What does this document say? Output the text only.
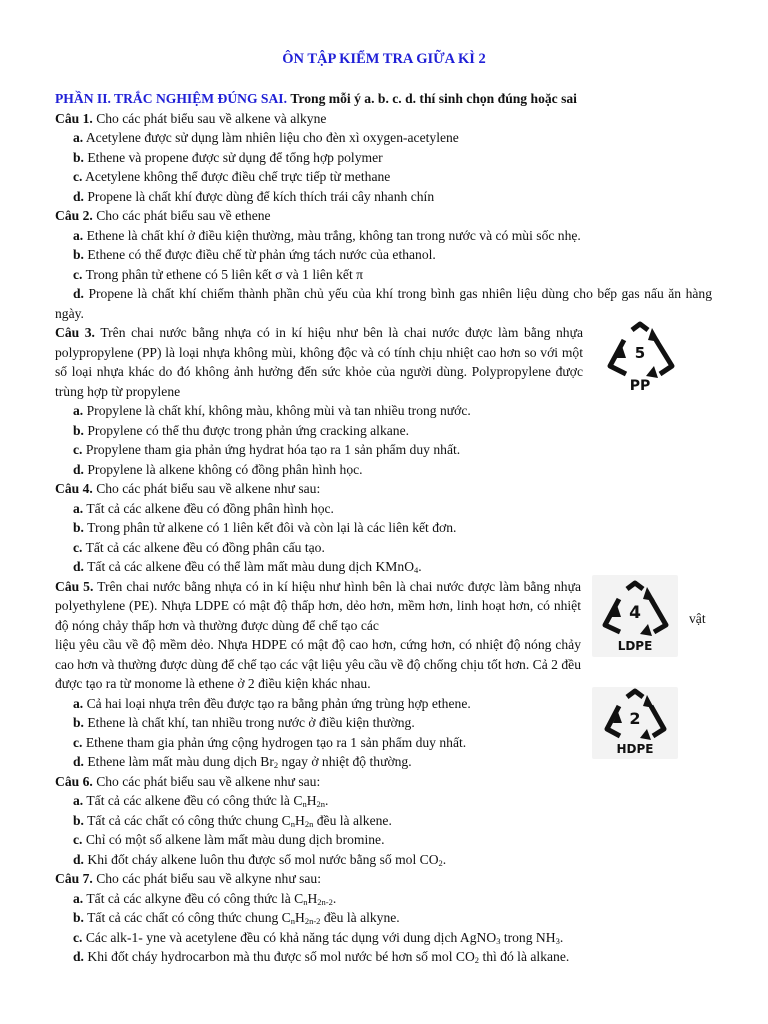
ÔN TẬP KIỂM TRA GIỮA KÌ 2
PHẦN II. TRẮC NGHIỆM ĐÚNG SAI. Trong mỗi ý a. b. c. d. thí sinh chọn đúng hoặc sai
Câu 1. Cho các phát biểu sau về alkene và alkyne
a. Acetylene được sử dụng làm nhiên liệu cho đèn xì oxygen-acetylene
b. Ethene và propene được sử dụng để tổng hợp polymer
c. Acetylene không thể được điều chế trực tiếp từ methane
d. Propene là chất khí được dùng để kích thích trái cây nhanh chín
Câu 2. Cho các phát biểu sau về ethene
a. Ethene là chất khí ở điều kiện thường, màu trắng, không tan trong nước và có mùi sốc nhẹ.
b. Ethene có thể được điều chế từ phản ứng tách nước của ethanol.
c. Trong phân tử ethene có 5 liên kết σ và 1 liên kết π
d. Propene là chất khí chiếm thành phần chủ yếu của khí trong bình gas nhiên liệu dùng cho bếp gas nấu ăn hàng ngày.
Câu 3. Trên chai nước bằng nhựa có in kí hiệu như bên là chai nước được làm bằng nhựa polypropylene (PP) là loại nhựa không mùi, không độc và có tính chịu nhiệt cao hơn so với một số loại nhựa khác do đó không ảnh hưởng đến sức khỏe của người dùng. Polypropylene được trùng hợp từ propylene
a. Propylene là chất khí, không màu, không mùi và tan nhiều trong nước.
b. Propylene có thể thu được trong phản ứng cracking alkane.
c. Propylene tham gia phản ứng hydrat hóa tạo ra 1 sản phẩm duy nhất.
d. Propylene là alkene không có đồng phân hình học.
Câu 4. Cho các phát biểu sau về alkene như sau:
a. Tất cả các alkene đều có đồng phân hình học.
b. Trong phân tử alkene có 1 liên kết đôi và còn lại là các liên kết đơn.
c. Tất cả các alkene đều có đồng phân cấu tạo.
d. Tất cả các alkene đều có thể làm mất màu dung dịch KMnO$_4$.
Câu 5. Trên chai nước bằng nhựa có in kí hiệu như hình bên là chai nước được làm bằng nhựa polyethylene (PE). Nhựa LDPE có mật độ thấp hơn, dẻo hơn, mềm hơn, linh hoạt hơn, có nhiệt độ nóng chảy thấp hơn và thường được dùng để chế tạo các
liệu yêu cầu về độ mềm dẻo. Nhựa HDPE có mật độ cao hơn, cứng hơn, có nhiệt độ nóng chảy cao hơn và thường được dùng để chế tạo các vật liệu yêu cầu về độ chống chịu tốt hơn. Cả 2 đều được tạo ra từ monome là ethene ở 2 điều kiện khác nhau.
a. Cả hai loại nhựa trên đều được tạo ra bằng phản ứng trùng hợp ethene.
b. Ethene là chất khí, tan nhiều trong nước ở điều kiện thường.
c. Ethene tham gia phản ứng cộng hydrogen tạo ra 1 sản phẩm duy nhất.
d. Ethene làm mất màu dung dịch $Br_2$ ngay ở nhiệt độ thường.
Câu 6. Cho các phát biểu sau về alkene như sau:
a. Tất cả các alkene đều có công thức là $C_nH_{2n}$.
b. Tất cả các chất có công thức chung $C_nH_{2n}$ đều là alkene.
c. Chỉ có một số alkene làm mất màu dung dịch bromine.
d. Khi đốt cháy alkene luôn thu được số mol nước bằng số mol $CO_2$.
Câu 7. Cho các phát biểu sau về alkyne như sau:
a. Tất cả các alkyne đều có công thức là $C_nH_{2n-2}$.
b. Tất cả các chất có công thức chung $C_nH_{2n-2}$ đều là alkyne.
c. Các alk-1- yne và acetylene đều có khả năng tác dụng với dung dịch AgNO$_3$ trong $NH_3$.
d. Khi đốt cháy hydrocarbon mà thu được số mol nước bé hơn số mol $CO_2$ thì đó là alkane.
vật
5
PP
4
LDPE
2
HDPE
